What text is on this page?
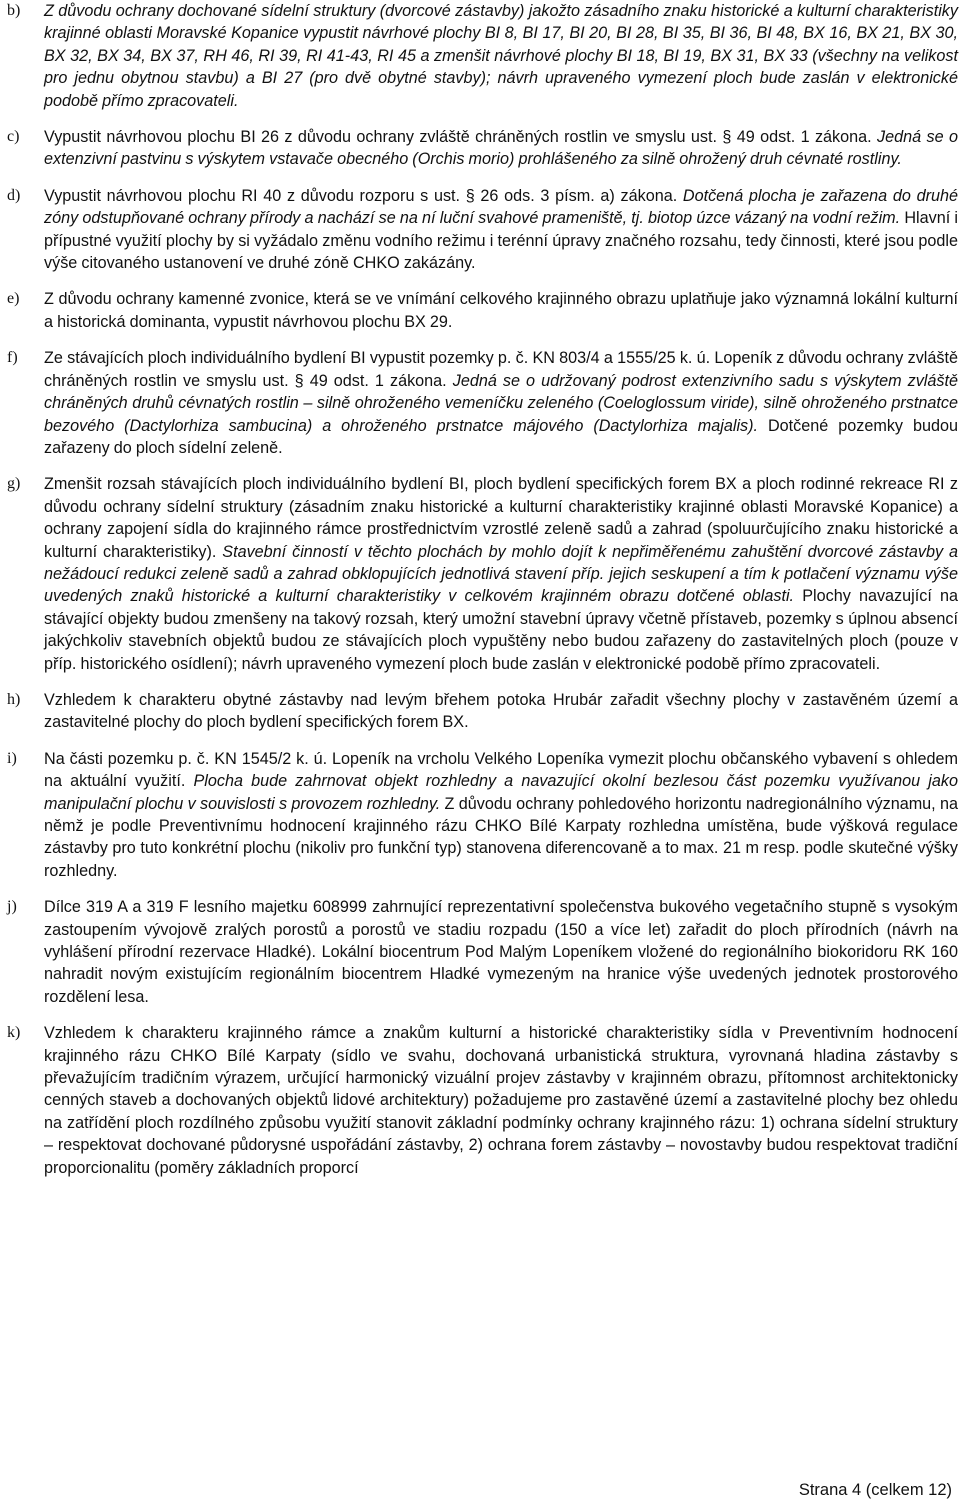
b) Z důvodu ochrany dochované sídelní struktury (dvorcové zástavby) jakožto zásadního znaku historické a kulturní charakteristiky krajinné oblasti Moravské Kopanice vypustit návrhové plochy BI 8, BI 17, BI 20, BI 28, BI 35, BI 36, BI 48, BX 16, BX 21, BX 30, BX 32, BX 34, BX 37, RH 46, RI 39, RI 41-43, RI 45 a zmenšit návrhové plochy BI 18, BI 19, BX 31, BX 33 (všechny na velikost pro jednu obytnou stavbu) a BI 27 (pro dvě obytné stavby); návrh upraveného vymezení ploch bude zaslán v elektronické podobě přímo zpracovateli.
c) Vypustit návrhovou plochu BI 26 z důvodu ochrany zvláště chráněných rostlin ve smyslu ust. § 49 odst. 1 zákona. Jedná se o extenzivní pastvinu s výskytem vstavače obecného (Orchis morio) prohlášeného za silně ohrožený druh cévnaté rostliny.
d) Vypustit návrhovou plochu RI 40 z důvodu rozporu s ust. § 26 ods. 3 písm. a) zákona. Dotčená plocha je zařazena do druhé zóny odstupňované ochrany přírody a nachází se na ní luční svahové prameniště, tj. biotop úzce vázaný na vodní režim. Hlavní i přípustné využití plochy by si vyžádalo změnu vodního režimu i terénní úpravy značného rozsahu, tedy činnosti, které jsou podle výše citovaného ustanovení ve druhé zóně CHKO zakázány.
e) Z důvodu ochrany kamenné zvonice, která se ve vnímání celkového krajinného obrazu uplatňuje jako významná lokální kulturní a historická dominanta, vypustit návrhovou plochu BX 29.
f) Ze stávajících ploch individuálního bydlení BI vypustit pozemky p. č. KN 803/4 a 1555/25 k. ú. Lopeník z důvodu ochrany zvláště chráněných rostlin ve smyslu ust. § 49 odst. 1 zákona. Jedná se o udržovaný podrost extenzivního sadu s výskytem zvláště chráněných druhů cévnatých rostlin – silně ohroženého vemeníčku zeleného (Coeloglossum viride), silně ohroženého prstnatce bezového (Dactylorhiza sambucina) a ohroženého prstnatce májového (Dactylorhiza majalis). Dotčené pozemky budou zařazeny do ploch sídelní zeleně.
g) Zmenšit rozsah stávajících ploch individuálního bydlení BI, ploch bydlení specifických forem BX a ploch rodinné rekreace RI z důvodu ochrany sídelní struktury (zásadním znaku historické a kulturní charakteristiky krajinné oblasti Moravské Kopanice) a ochrany zapojení sídla do krajinného rámce prostřednictvím vzrostlé zeleně sadů a zahrad (spoluurčujícího znaku historické a kulturní charakteristiky). Stavební činností v těchto plochách by mohlo dojít k nepřiměřenému zahuštění dvorcové zástavby a nežádoucí redukci zeleně sadů a zahrad obklopujících jednotlivá stavení příp. jejich seskupení a tím k potlačení významu výše uvedených znaků historické a kulturní charakteristiky v celkovém krajinném obrazu dotčené oblasti. Plochy navazující na stávající objekty budou zmenšeny na takový rozsah, který umožní stavební úpravy včetně přístaveb, pozemky s úplnou absencí jakýchkoliv stavebních objektů budou ze stávajících ploch vypuštěny nebo budou zařazeny do zastavitelných ploch (pouze v příp. historického osídlení); návrh upraveného vymezení ploch bude zaslán v elektronické podobě přímo zpracovateli.
h) Vzhledem k charakteru obytné zástavby nad levým břehem potoka Hrubár zařadit všechny plochy v zastavěném území a zastavitelné plochy do ploch bydlení specifických forem BX.
i) Na části pozemku p. č. KN 1545/2 k. ú. Lopeník na vrcholu Velkého Lopeníka vymezit plochu občanského vybavení s ohledem na aktuální využití. Plocha bude zahrnovat objekt rozhledny a navazující okolní bezlesou část pozemku využívanou jako manipulační plochu v souvislosti s provozem rozhledny. Z důvodu ochrany pohledového horizontu nadregionálního významu, na němž je podle Preventivnímu hodnocení krajinného rázu CHKO Bílé Karpaty rozhledna umístěna, bude výšková regulace zástavby pro tuto konkrétní plochu (nikoliv pro funkční typ) stanovena diferencovaně a to max. 21 m resp. podle skutečné výšky rozhledny.
j) Dílce 319 A a 319 F lesního majetku 608999 zahrnující reprezentativní společenstva bukového vegetačního stupně s vysokým zastoupením vývojově zralých porostů a porostů ve stadiu rozpadu (150 a více let) zařadit do ploch přírodních (návrh na vyhlášení přírodní rezervace Hladké). Lokální biocentrum Pod Malým Lopeníkem vložené do regionálního biokoridoru RK 160 nahradit novým existujícím regionálním biocentrem Hladké vymezeným na hranice výše uvedených jednotek prostorového rozdělení lesa.
k) Vzhledem k charakteru krajinného rámce a znakům kulturní a historické charakteristiky sídla v Preventivním hodnocení krajinného rázu CHKO Bílé Karpaty (sídlo ve svahu, dochovaná urbanistická struktura, vyrovnaná hladina zástavby s převažujícím tradičním výrazem, určující harmonický vizuální projev zástavby v krajinném obrazu, přítomnost architektonicky cenných staveb a dochovaných objektů lidové architektury) požadujeme pro zastavěné území a zastavitelné plochy bez ohledu na zatřídění ploch rozdílného způsobu využití stanovit základní podmínky ochrany krajinného rázu: 1) ochrana sídelní struktury – respektovat dochované půdorysné uspořádání zástavby, 2) ochrana forem zástavby – novostavby budou respektovat tradiční proporcionalitu (poměry základních proporcí
Strana 4 (celkem 12)
